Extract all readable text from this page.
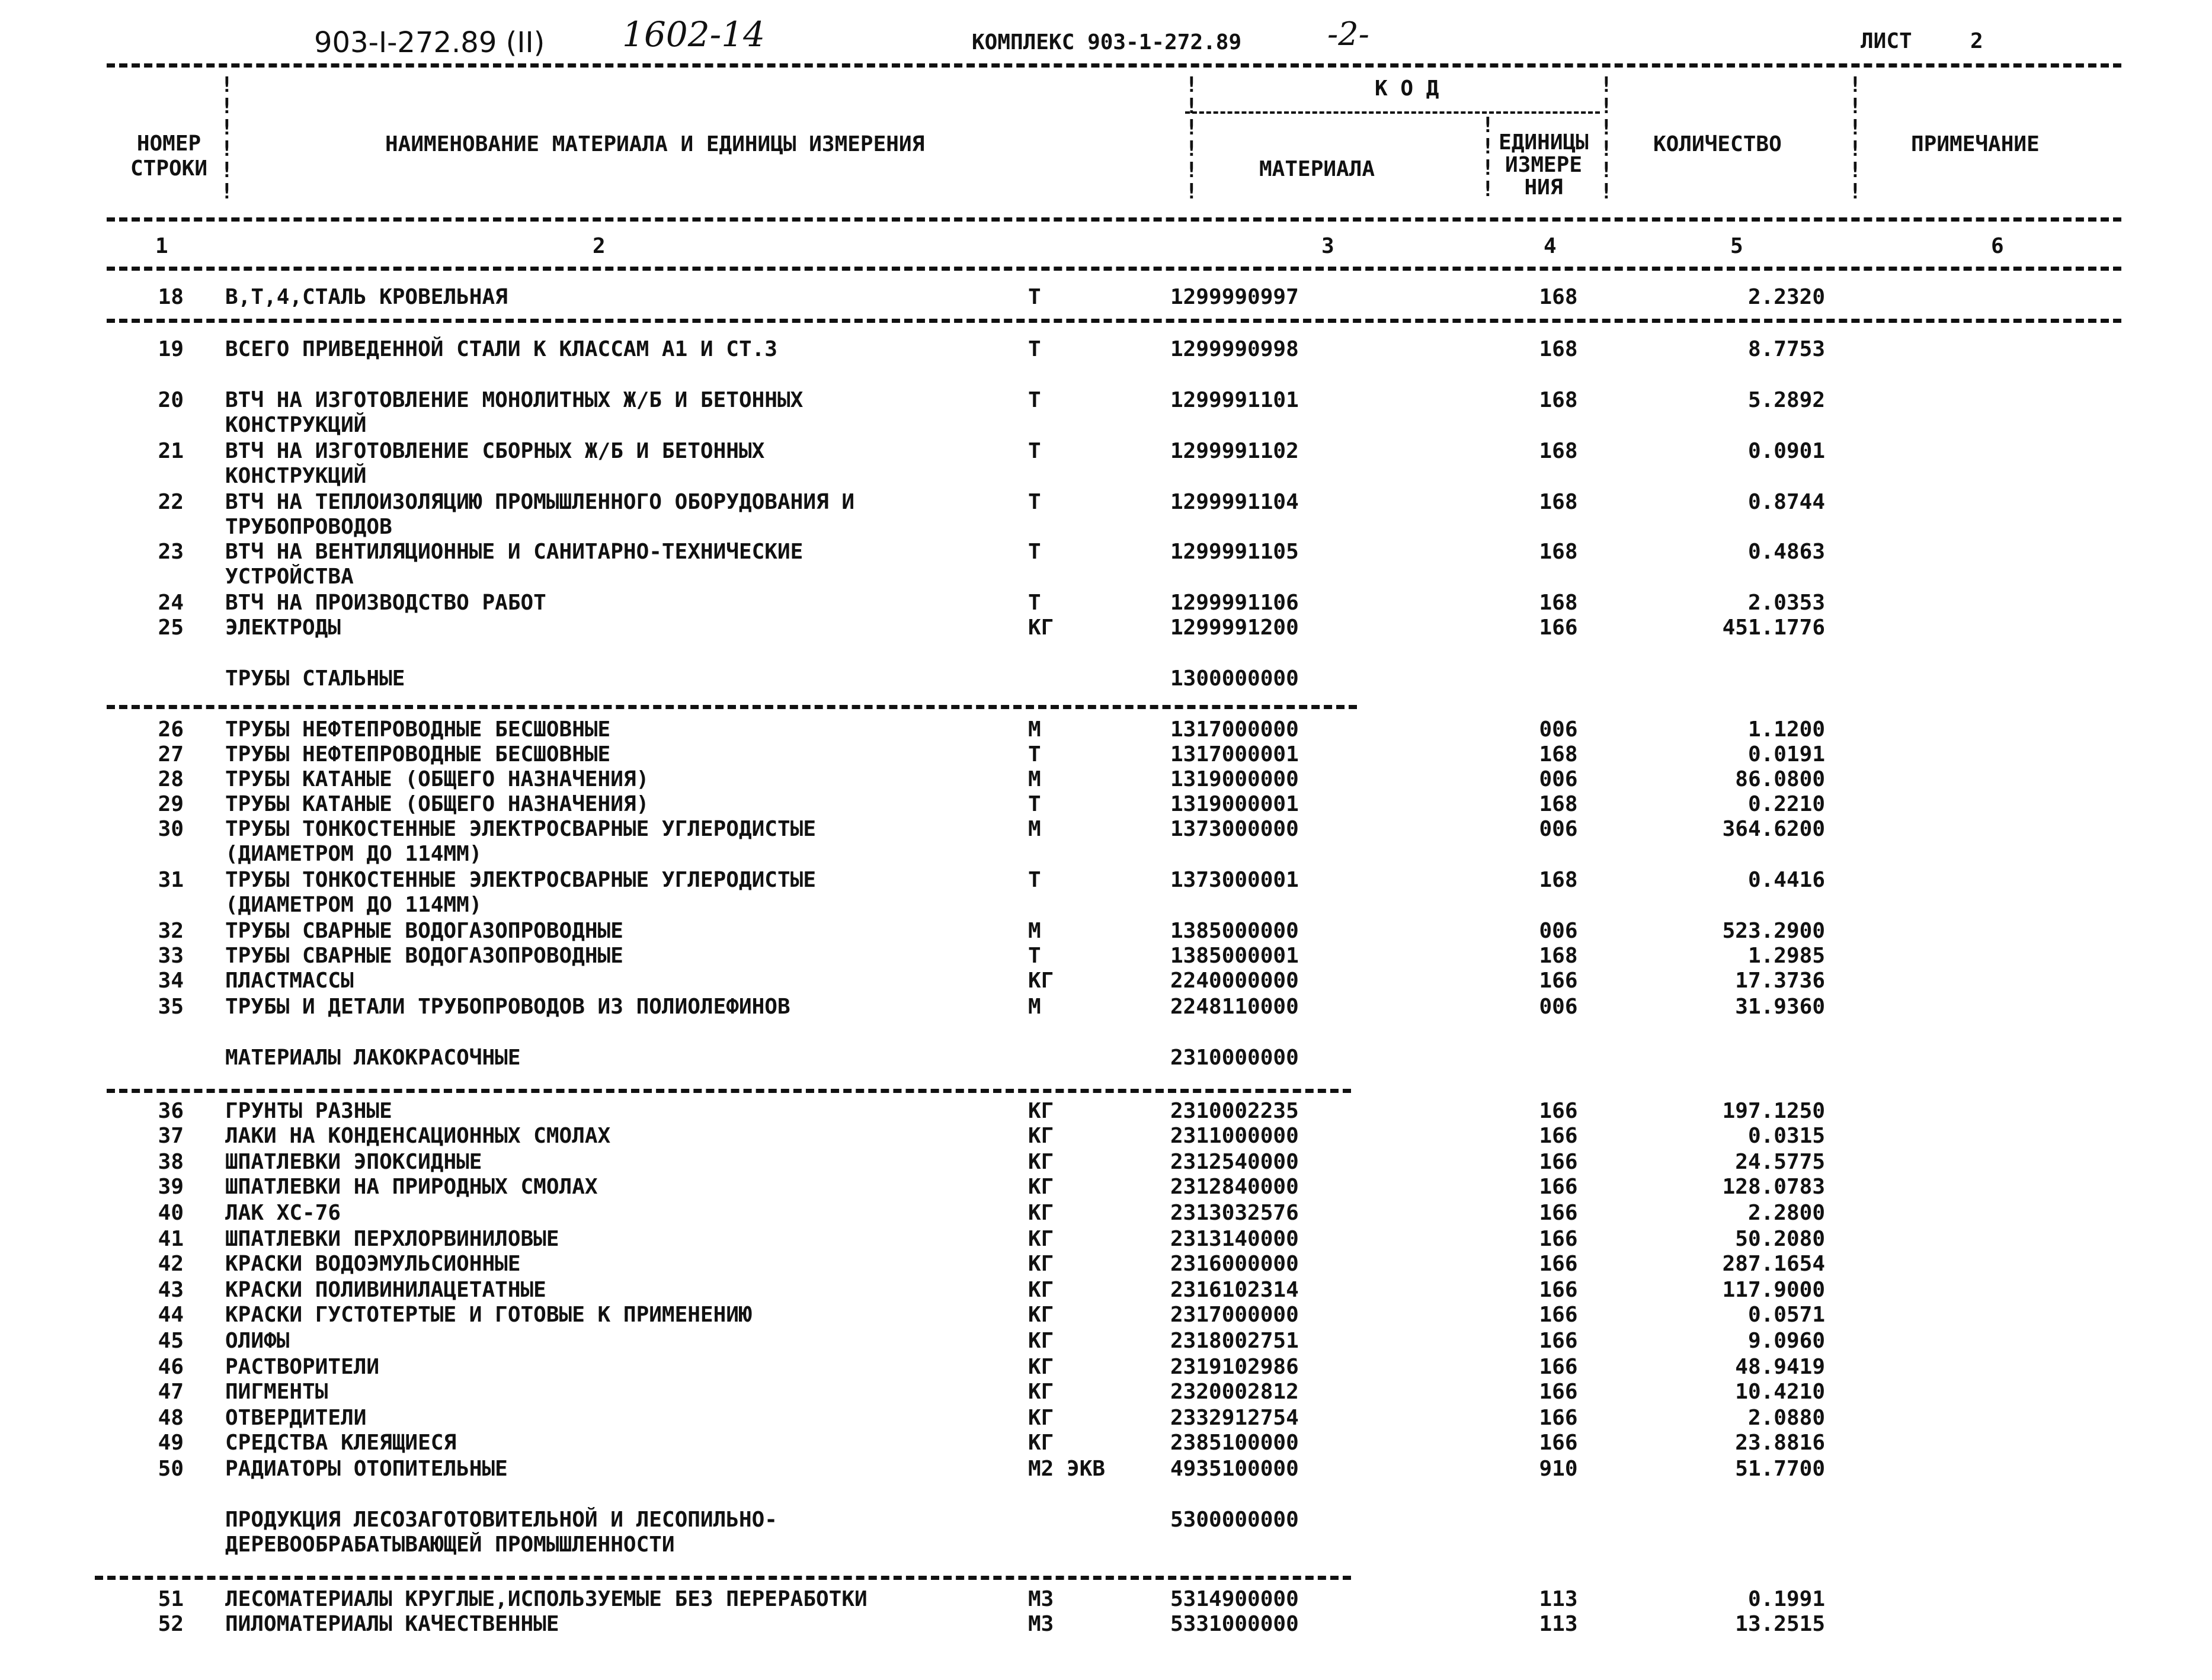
903-I-272.89 (II) 1602-14	КОМПЛЕКС 903-1-272.89	-2-	ЛИСТ	2
!
!
!
!
!
!
!
!
!
!
!
!
!
!
!
!
!
!
!
!
!
!
!
!
!
!
!
!
НОМЕР
СТРОКИ
НАИМЕНОВАНИЕ МАТЕРИАЛА И ЕДИНИЦЫ ИЗМЕРЕНИЯ
К О Д
МАТЕРИАЛА
ЕДИНИЦЫ
ИЗМЕРЕ
НИЯ
КОЛИЧЕСТВО	ПРИМЕЧАНИЕ
1	2	3	4	5	6
18 В,Т,4,СТАЛЬ КРОВЕЛЬНАЯ	Т	1299990997	168	2.2320
19 ВСЕГО ПРИВЕДЕННОЙ СТАЛИ К КЛАССАМ А1 И СТ.3	Т	1299990998	168	8.7753
20 ВТЧ НА ИЗГОТОВЛЕНИЕ МОНОЛИТНЫХ Ж/Б И БЕТОННЫХ	Т	1299991101	168	5.2892
КОНСТРУКЦИЙ
21 ВТЧ НА ИЗГОТОВЛЕНИЕ СБОРНЫХ Ж/Б И БЕТОННЫХ	Т	1299991102	168	0.0901
КОНСТРУКЦИЙ
22 ВТЧ НА ТЕПЛОИЗОЛЯЦИЮ ПРОМЫШЛЕННОГО ОБОРУДОВАНИЯ И	Т	1299991104	168	0.8744
ТРУБОПРОВОДОВ
23 ВТЧ НА ВЕНТИЛЯЦИОННЫЕ И САНИТАРНО-ТЕХНИЧЕСКИЕ	Т	1299991105	168	0.4863
УСТРОЙСТВА
24 ВТЧ НА ПРОИЗВОДСТВО РАБОТ	Т	1299991106	168	2.0353
25 ЭЛЕКТРОДЫ	КГ	1299991200	166	451.1776
ТРУБЫ СТАЛЬНЫЕ	1300000000
26 ТРУБЫ НЕФТЕПРОВОДНЫЕ БЕСШОВНЫЕ	М	1317000000	006	1.1200
27 ТРУБЫ НЕФТЕПРОВОДНЫЕ БЕСШОВНЫЕ	Т	1317000001	168	0.0191
28 ТРУБЫ КАТАНЫЕ (ОБЩЕГО НАЗНАЧЕНИЯ)	М	1319000000	006	86.0800
29 ТРУБЫ КАТАНЫЕ (ОБЩЕГО НАЗНАЧЕНИЯ)	Т	1319000001	168	0.2210
30 ТРУБЫ ТОНКОСТЕННЫЕ ЭЛЕКТРОСВАРНЫЕ УГЛЕРОДИСТЫЕ	М	1373000000	006	364.6200
(ДИАМЕТРОМ ДО 114ММ)
31 ТРУБЫ ТОНКОСТЕННЫЕ ЭЛЕКТРОСВАРНЫЕ УГЛЕРОДИСТЫЕ	Т	1373000001	168	0.4416
(ДИАМЕТРОМ ДО 114ММ)
32 ТРУБЫ СВАРНЫЕ ВОДОГАЗОПРОВОДНЫЕ	М	1385000000	006	523.2900
33 ТРУБЫ СВАРНЫЕ ВОДОГАЗОПРОВОДНЫЕ	Т	1385000001	168	1.2985
34 ПЛАСТМАССЫ	КГ	2240000000	166	17.3736
35 ТРУБЫ И ДЕТАЛИ ТРУБОПРОВОДОВ ИЗ ПОЛИОЛЕФИНОВ	М	2248110000	006	31.9360
МАТЕРИАЛЫ ЛАКОКРАСОЧНЫЕ	2310000000
36 ГРУНТЫ РАЗНЫЕ	КГ	2310002235	166	197.1250
37 ЛАКИ НА КОНДЕНСАЦИОННЫХ СМОЛАХ	КГ	2311000000	166	0.0315
38 ШПАТЛЕВКИ ЭПОКСИДНЫЕ	КГ	2312540000	166	24.5775
39 ШПАТЛЕВКИ НА ПРИРОДНЫХ СМОЛАХ	КГ	2312840000	166	128.0783
40 ЛАК ХС-76	КГ	2313032576	166	2.2800
41 ШПАТЛЕВКИ ПЕРХЛОРВИНИЛОВЫЕ	КГ	2313140000	166	50.2080
42 КРАСКИ ВОДОЭМУЛЬСИОННЫЕ	КГ	2316000000	166	287.1654
43 КРАСКИ ПОЛИВИНИЛАЦЕТАТНЫЕ	КГ	2316102314	166	117.9000
44 КРАСКИ ГУСТОТЕРТЫЕ И ГОТОВЫЕ К ПРИМЕНЕНИЮ	КГ	2317000000	166	0.0571
45 ОЛИФЫ	КГ	2318002751	166	9.0960
46 РАСТВОРИТЕЛИ	КГ	2319102986	166	48.9419
47 ПИГМЕНТЫ	КГ	2320002812	166	10.4210
48 ОТВЕРДИТЕЛИ	КГ	2332912754	166	2.0880
49 СРЕДСТВА КЛЕЯЩИЕСЯ	КГ	2385100000	166	23.8816
50 РАДИАТОРЫ ОТОПИТЕЛЬНЫЕ	М2 ЭКВ	4935100000	910	51.7700
ПРОДУКЦИЯ ЛЕСОЗАГОТОВИТЕЛЬНОЙ И ЛЕСОПИЛЬНО-	5300000000
ДЕРЕВООБРАБАТЫВАЮЩЕЙ ПРОМЫШЛЕННОСТИ
51 ЛЕСОМАТЕРИАЛЫ КРУГЛЫЕ,ИСПОЛЬЗУЕМЫЕ БЕЗ ПЕРЕРАБОТКИ	М3	5314900000	113	0.1991
52 ПИЛОМАТЕРИАЛЫ КАЧЕСТВЕННЫЕ	М3	5331000000	113	13.2515
